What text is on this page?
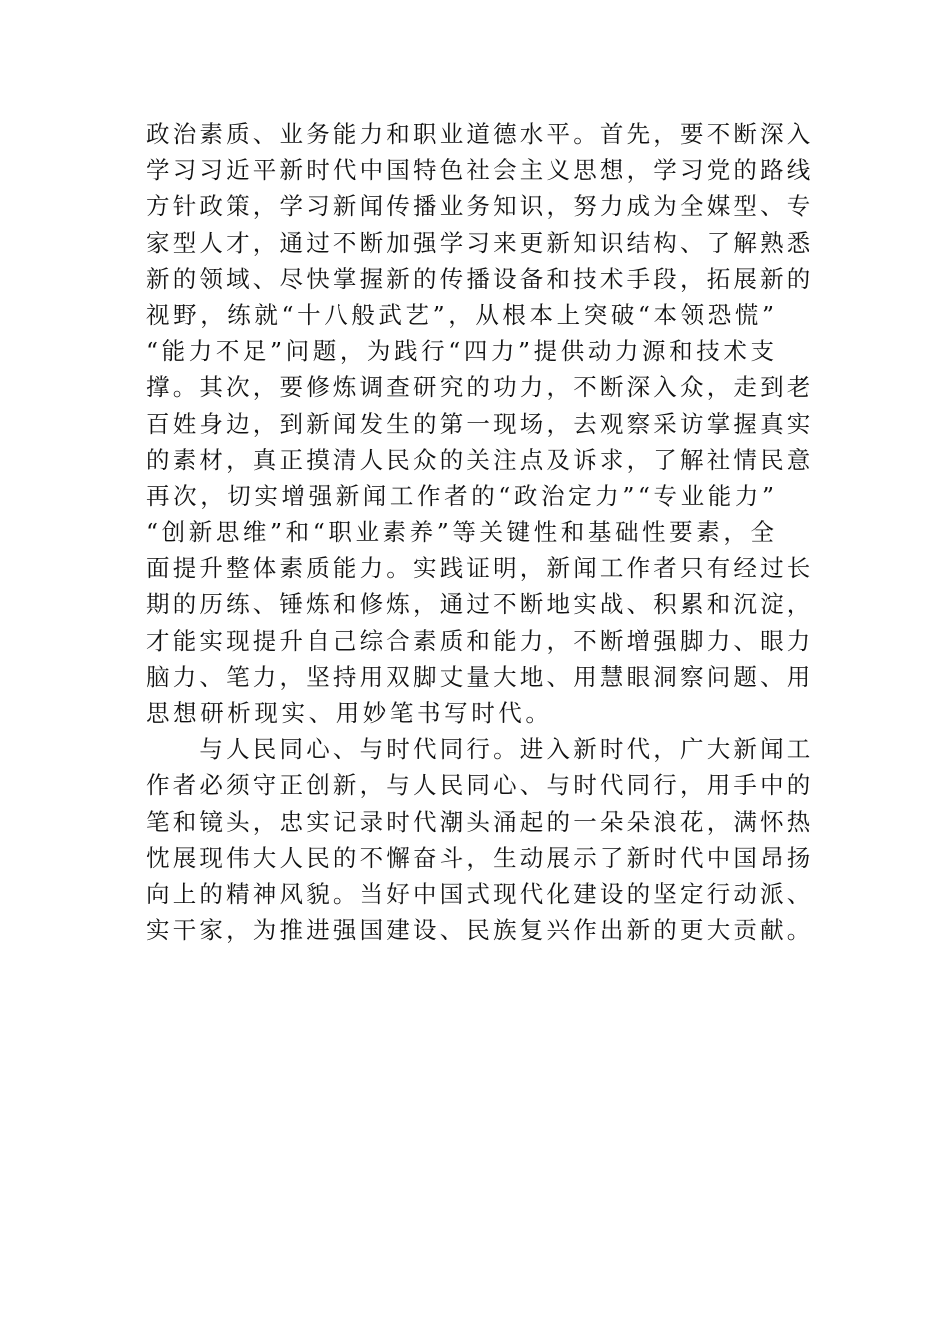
政治素质、业务能力和职业道德水平。首先，要不断深入
学习习近平新时代中国特色社会主义思想，学习党的路线
方针政策，学习新闻传播业务知识，努力成为全媒型、专
家型人才，通过不断加强学习来更新知识结构、了解熟悉
新的领域、尽快掌握新的传播设备和技术手段，拓展新的
视野，练就“十八般武艺”，从根本上突破“本领恐慌”
“能力不足”问题，为践行“四力”提供动力源和技术支
撑。其次，要修炼调查研究的功力，不断深入众，走到老
百姓身边，到新闻发生的第一现场，去观察采访掌握真实
的素材，真正摸清人民众的关注点及诉求，了解社情民意
再次，切实增强新闻工作者的“政治定力”“专业能力”
“创新思维”和“职业素养”等关键性和基础性要素，全
面提升整体素质能力。实践证明，新闻工作者只有经过长
期的历练、锤炼和修炼，通过不断地实战、积累和沉淀，
才能实现提升自己综合素质和能力，不断增强脚力、眼力
脑力、笔力，坚持用双脚丈量大地、用慧眼洞察问题、用
思想研析现实、用妙笔书写时代。
　　与人民同心、与时代同行。进入新时代，广大新闻工
作者必须守正创新，与人民同心、与时代同行，用手中的
笔和镜头，忠实记录时代潮头涌起的一朵朵浪花，满怀热
忱展现伟大人民的不懈奋斗，生动展示了新时代中国昂扬
向上的精神风貌。当好中国式现代化建设的坚定行动派、
实干家，为推进强国建设、民族复兴作出新的更大贡献。
